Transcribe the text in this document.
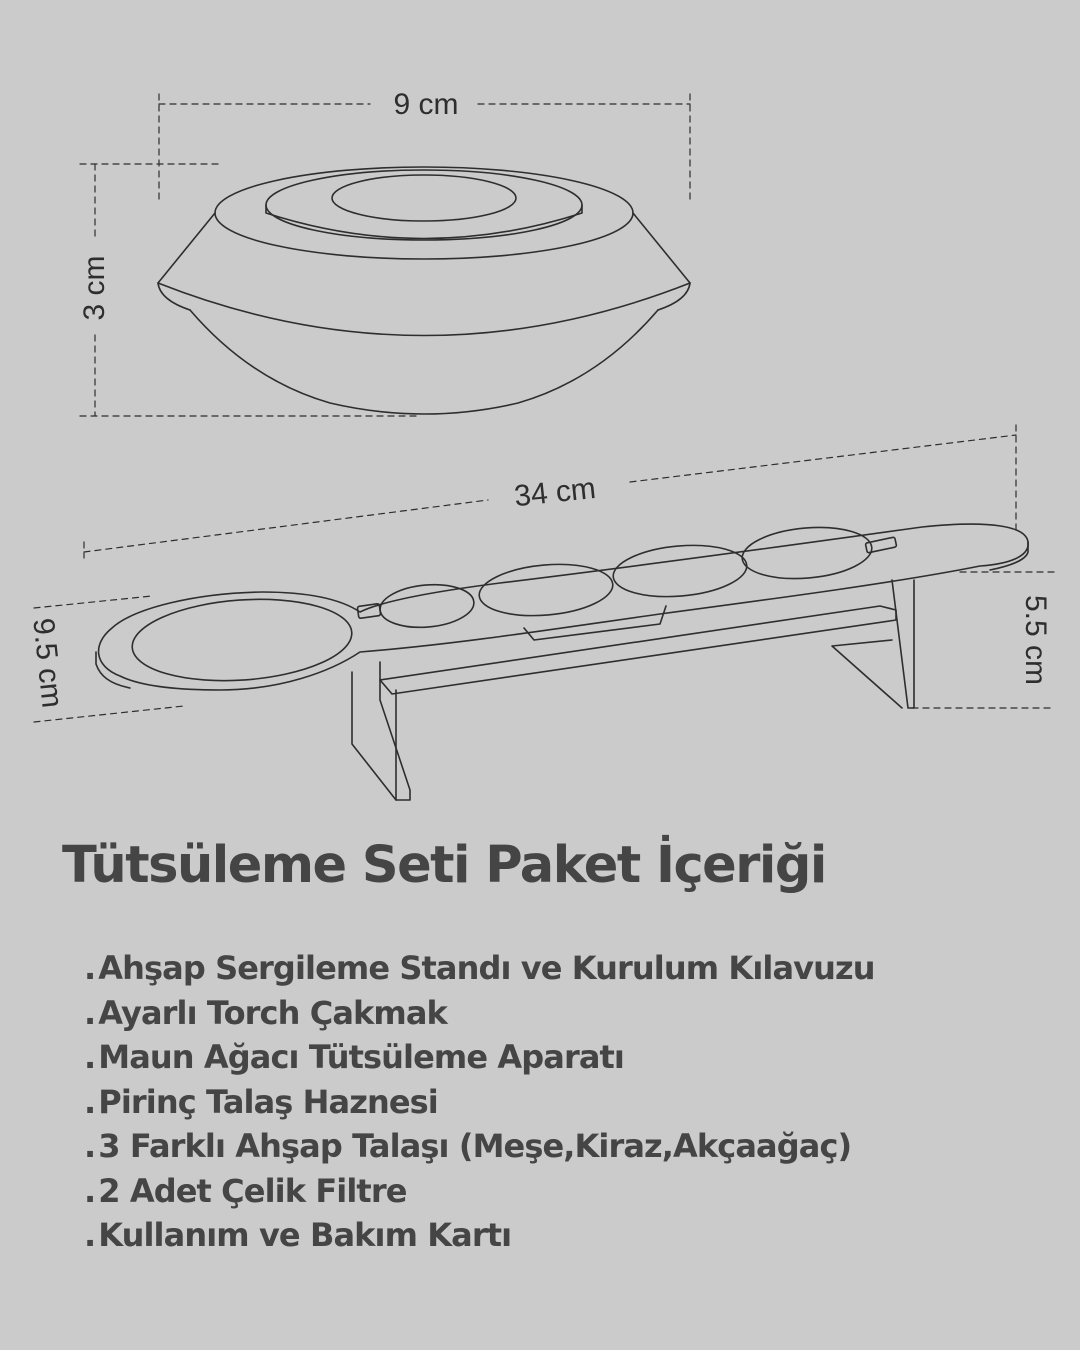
9 cm
3 cm
34 cm
9.5 cm	5.5 cm
Tütsüleme Seti Paket İçeriği
.Ahşap Sergileme Standı ve Kurulum Kılavuzu
.Ayarlı Torch Çakmak
.Maun Ağacı Tütsüleme Aparatı
.Pirinç Talaş Haznesi
.3 Farklı Ahşap Talaşı (Meşe,Kiraz,Akçaağaç)
.2 Adet Çelik Filtre
.Kullanım ve Bakım Kartı
